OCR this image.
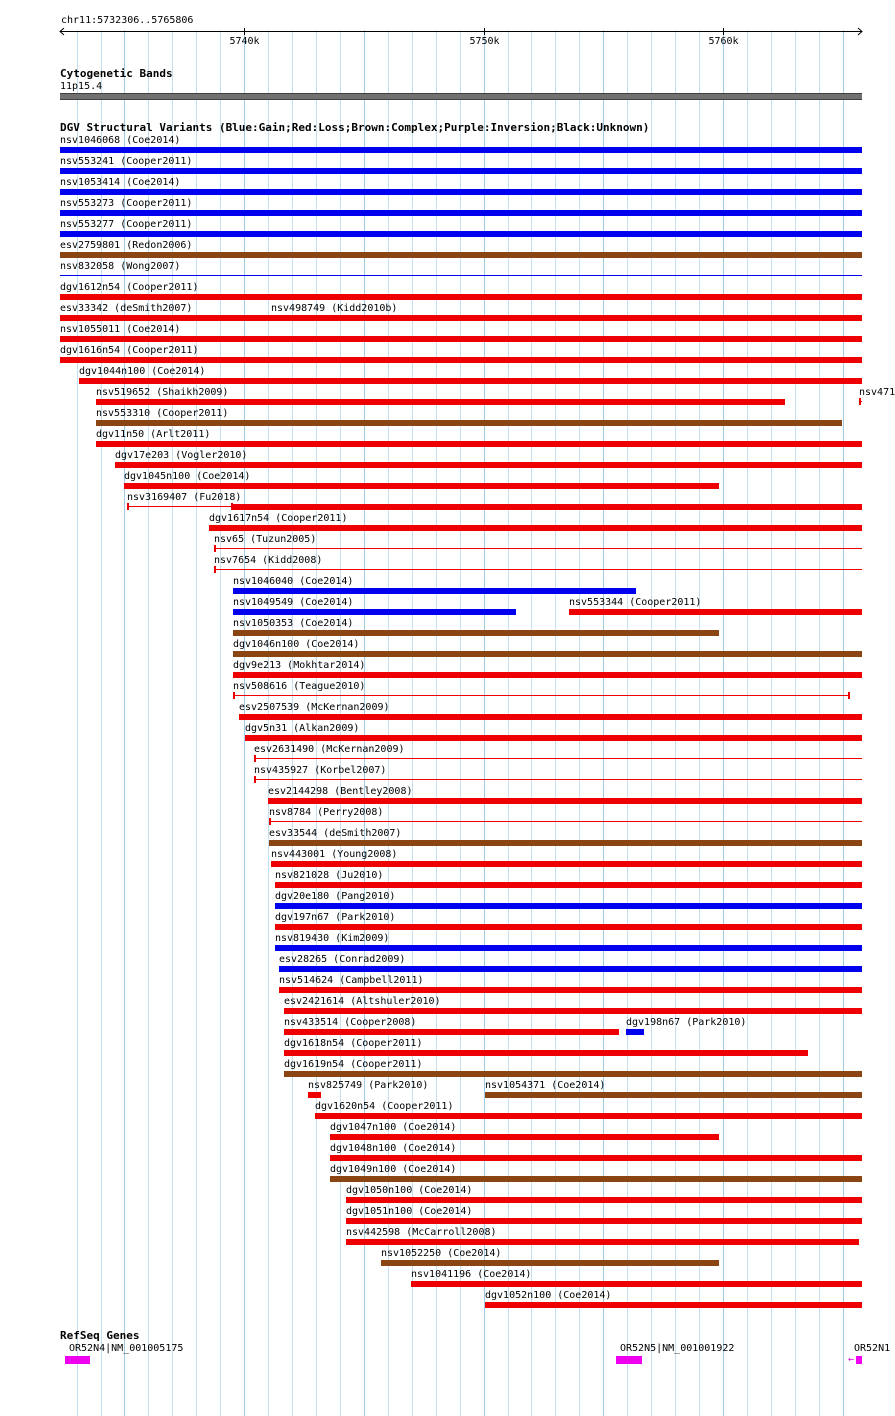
chr11:5732306..5765806
5740k	5750k	5760k
Cytogenetic Bands
11p15.4
DGV Structural Variants (Blue:Gain;Red:Loss;Brown:Complex;Purple:Inversion;Black:Unknown)
nsv1046068 (Coe2014)
nsv553241 (Cooper2011)
nsv1053414 (Coe2014)
nsv553273 (Cooper2011)
nsv553277 (Cooper2011)
esv2759801 (Redon2006)
nsv832058 (Wong2007)
dgv1612n54 (Cooper2011)
esv33342 (deSmith2007)	nsv498749 (Kidd2010b)
nsv1055011 (Coe2014)
dgv1616n54 (Cooper2011)
dgv1044n100 (Coe2014)
nsv519652 (Shaikh2009)	nsv471
nsv553310 (Cooper2011)
dgv11n50 (Arlt2011)
dgv17e203 (Vogler2010)
dgv1045n100 (Coe2014)
nsv3169407 (Fu2018)
dgv1617n54 (Cooper2011)
nsv65 (Tuzun2005)
nsv7654 (Kidd2008)
nsv1046040 (Coe2014)
nsv1049549 (Coe2014)	nsv553344 (Cooper2011)
nsv1050353 (Coe2014)
dgv1046n100 (Coe2014)
dgv9e213 (Mokhtar2014)
nsv508616 (Teague2010)
esv2507539 (McKernan2009)
dgv5n31 (Alkan2009)
esv2631490 (McKernan2009)
nsv435927 (Korbel2007)
esv2144298 (Bentley2008)
nsv8784 (Perry2008)
esv33544 (deSmith2007)
nsv443001 (Young2008)
nsv821028 (Ju2010)
dgv20e180 (Pang2010)
dgv197n67 (Park2010)
nsv819430 (Kim2009)
esv28265 (Conrad2009)
nsv514624 (Campbell2011)
esv2421614 (Altshuler2010)
nsv433514 (Cooper2008)	dgv198n67 (Park2010)
dgv1618n54 (Cooper2011)
dgv1619n54 (Cooper2011)
nsv825749 (Park2010)	nsv1054371 (Coe2014)
dgv1620n54 (Cooper2011)
dgv1047n100 (Coe2014)
dgv1048n100 (Coe2014)
dgv1049n100 (Coe2014)
dgv1050n100 (Coe2014)
dgv1051n100 (Coe2014)
nsv442598 (McCarroll2008)
nsv1052250 (Coe2014)
nsv1041196 (Coe2014)
dgv1052n100 (Coe2014)
RefSeq Genes
OR52N4|NM_001005175	OR52N5|NM_001001922	OR52N1
←
